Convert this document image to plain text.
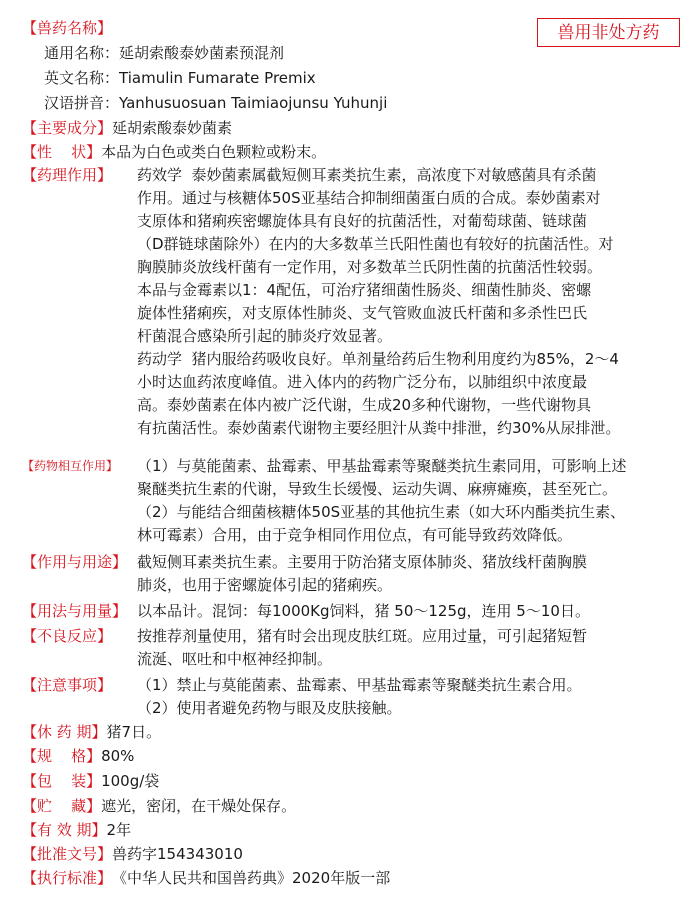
兽用非处方药
【兽药名称】
通用名称：延胡索酸泰妙菌素预混剂
英文名称：Tiamulin Fumarate Premix
汉语拼音：Yanhusuosuan Taimiaojunsu Yuhunji
【主要成分】延胡索酸泰妙菌素
【性    状】本品为白色或类白色颗粒或粉末。
【药理作用】 药效学  泰妙菌素属截短侧耳素类抗生素，高浓度下对敏感菌具有杀菌

作用。通过与核糖体50S亚基结合抑制细菌蛋白质的合成。泰妙菌素对

支原体和猪痢疾密螺旋体具有良好的抗菌活性，对葡萄球菌、链球菌

（D群链球菌除外）在内的大多数革兰氏阳性菌也有较好的抗菌活性。对

胸膜肺炎放线杆菌有一定作用，对多数革兰氏阴性菌的抗菌活性较弱。

本品与金霉素以1：4配伍，可治疗猪细菌性肠炎、细菌性肺炎、密螺

旋体性猪痢疾，对支原体性肺炎、支气管败血波氏杆菌和多杀性巴氏

杆菌混合感染所引起的肺炎疗效显著。

药动学  猪内服给药吸收良好。单剂量给药后生物利用度约为85%，2～4

小时达血药浓度峰值。进入体内的药物广泛分布，以肺组织中浓度最

高。泰妙菌素在体内被广泛代谢，生成20多种代谢物，一些代谢物具

有抗菌活性。泰妙菌素代谢物主要经胆汁从粪中排泄，约30%从尿排泄。

【药物相互作用】 （1）与莫能菌素、盐霉素、甲基盐霉素等聚醚类抗生素同用，可影响上述

聚醚类抗生素的代谢，导致生长缓慢、运动失调、麻痹瘫痪，甚至死亡。

（2）与能结合细菌核糖体50S亚基的其他抗生素（如大环内酯类抗生素、

林可霉素）合用，由于竞争相同作用位点，有可能导致药效降低。

【作用与用途】 截短侧耳素类抗生素。主要用于防治猪支原体肺炎、猪放线杆菌胸膜

肺炎，也用于密螺旋体引起的猪痢疾。

【用法与用量】 以本品计。混饲：每1000Kg饲料，猪 50～125g，连用 5～10日。

【不良反应】 按推荐剂量使用，猪有时会出现皮肤红斑。应用过量，可引起猪短暂

流涎、呕吐和中枢神经抑制。

【注意事项】 （1）禁止与莫能菌素、盐霉素、甲基盐霉素等聚醚类抗生素合用。

（2）使用者避免药物与眼及皮肤接触。

【休 药 期】猪7日。
【规    格】80%
【包    装】100g/袋
【贮    藏】遮光，密闭，在干燥处保存。
【有 效 期】2年
【批准文号】兽药字154343010
【执行标准】《中华人民共和国兽药典》2020年版一部
